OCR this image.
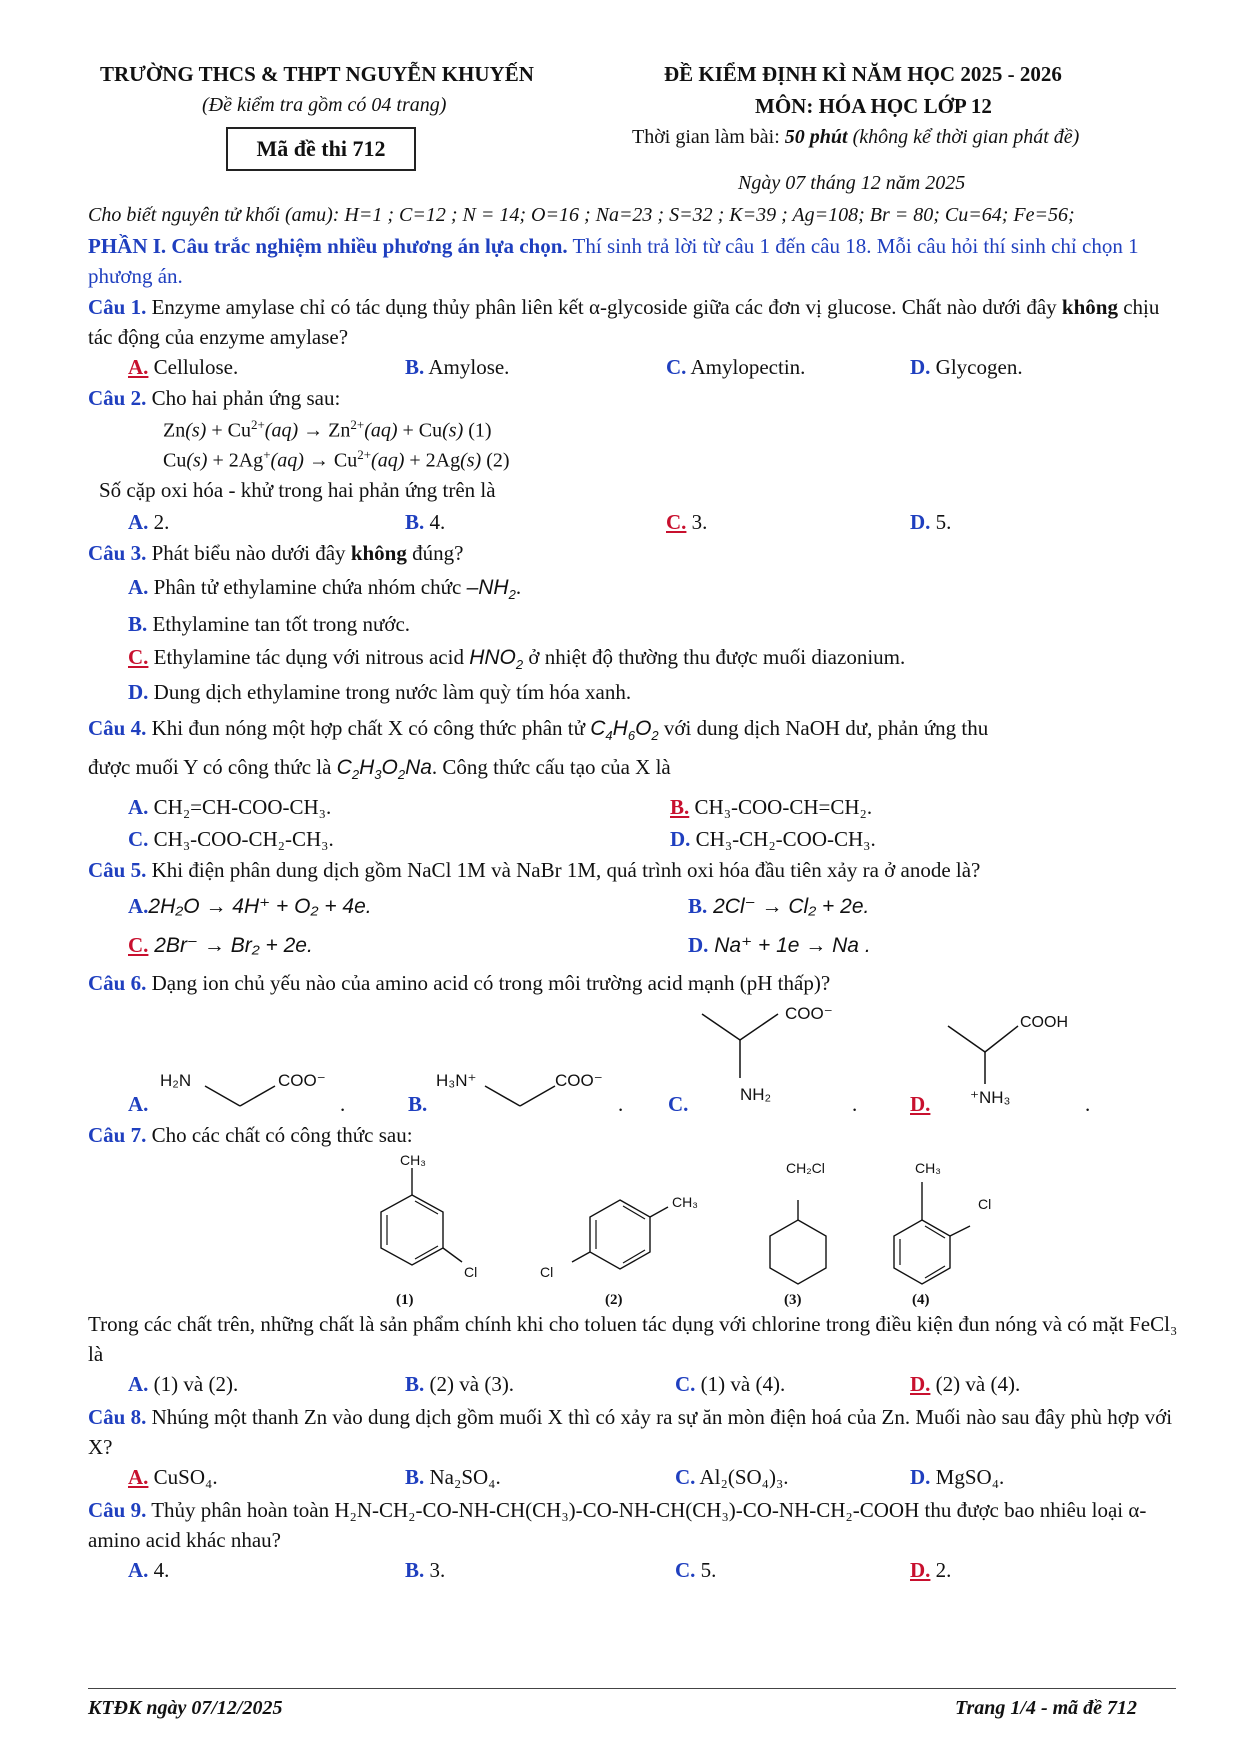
TRƯỜNG THCS & THPT NGUYỄN KHUYẾN
(Đề kiểm tra gồm có 04 trang)
Mã đề thi 712
ĐỀ KIỂM ĐỊNH KÌ NĂM HỌC 2025 - 2026
MÔN: HÓA HỌC LỚP 12
Thời gian làm bài: 50 phút (không kể thời gian phát đề)
Ngày 07 tháng 12 năm 2025
Cho biết nguyên tử khối (amu): H=1 ; C=12 ; N = 14; O=16 ; Na=23 ; S=32 ; K=39 ; Ag=108; Br = 80; Cu=64; Fe=56;
PHẦN I. Câu trắc nghiệm nhiều phương án lựa chọn. Thí sinh trả lời từ câu 1 đến câu 18. Mỗi câu hỏi thí sinh chỉ chọn 1 phương án.
Câu 1. Enzyme amylase chỉ có tác dụng thủy phân liên kết α-glycoside giữa các đơn vị glucose. Chất nào dưới đây không chịu tác động của enzyme amylase?
A. Cellulose.	B. Amylose.	C. Amylopectin.	D. Glycogen.
Câu 2. Cho hai phản ứng sau:
$Zn(s) + Cu^{2+}(aq) \to Zn^{2+}(aq) + Cu(s)$ (1)
$Cu(s) + 2Ag^+(aq) \to Cu^{2+}(aq) + 2Ag(s)$ (2)
Số cặp oxi hóa - khử trong hai phản ứng trên là
A. 2.	B. 4.	C. 3.	D. 5.
Câu 3. Phát biểu nào dưới đây không đúng?
A. Phân tử ethylamine chứa nhóm chức $-NH_2$.
B. Ethylamine tan tốt trong nước.
C. Ethylamine tác dụng với nitrous acid $HNO_2$ ở nhiệt độ thường thu được muối diazonium.
D. Dung dịch ethylamine trong nước làm quỳ tím hóa xanh.
Câu 4. Khi đun nóng một hợp chất X có công thức phân tử $C_4H_6O_2$ với dung dịch NaOH dư, phản ứng thu
được muối Y có công thức là $C_2H_3O_2Na$. Công thức cấu tạo của X là
A. CH₂=CH-COO-CH₃.	B. CH₃-COO-CH=CH₂.
C. CH₃-COO-CH₂-CH₃.	D. CH₃-CH₂-COO-CH₃.
Câu 5. Khi điện phân dung dịch gồm NaCl 1M và NaBr 1M, quá trình oxi hóa đầu tiên xảy ra ở anode là?
A.2H₂O → 4H⁺ + O₂ + 4e.	B. 2Cl⁻ → Cl₂ + 2e.
C. 2Br⁻ → Br₂ + 2e.	D. Na⁺ + 1e → Na .
Câu 6. Dạng ion chủ yếu nào của amino acid có trong môi trường acid mạnh (pH thấp)?
A.
H₂N	COO⁻
.	B.
H₃N⁺	COO⁻
. C.
COO⁻
NH₂	.	D.
COOH
⁺NH₃	.
Câu 7. Cho các chất có công thức sau:
CH₃
Cl
(1)
CH₃
Cl
(2)
CH₂Cl
(3)
CH₃
Cl
(4)
Trong các chất trên, những chất là sản phẩm chính khi cho toluen tác dụng với chlorine trong điều kiện đun nóng và có mặt FeCl₃ là
A. (1) và (2).	B. (2) và (3).	C. (1) và (4).	D. (2) và (4).
Câu 8. Nhúng một thanh Zn vào dung dịch gồm muối X thì có xảy ra sự ăn mòn điện hoá của Zn. Muối nào sau đây phù hợp với X?
A. CuSO₄.	B. Na₂SO₄.	C. Al₂(SO₄)₃.	D. MgSO₄.
Câu 9. Thủy phân hoàn toàn H₂N-CH₂-CO-NH-CH(CH₃)-CO-NH-CH(CH₃)-CO-NH-CH₂-COOH thu được bao nhiêu loại α-amino acid khác nhau?
A. 4.	B. 3.	C. 5.	D. 2.
KTĐK ngày 07/12/2025	Trang 1/4 - mã đề 712
